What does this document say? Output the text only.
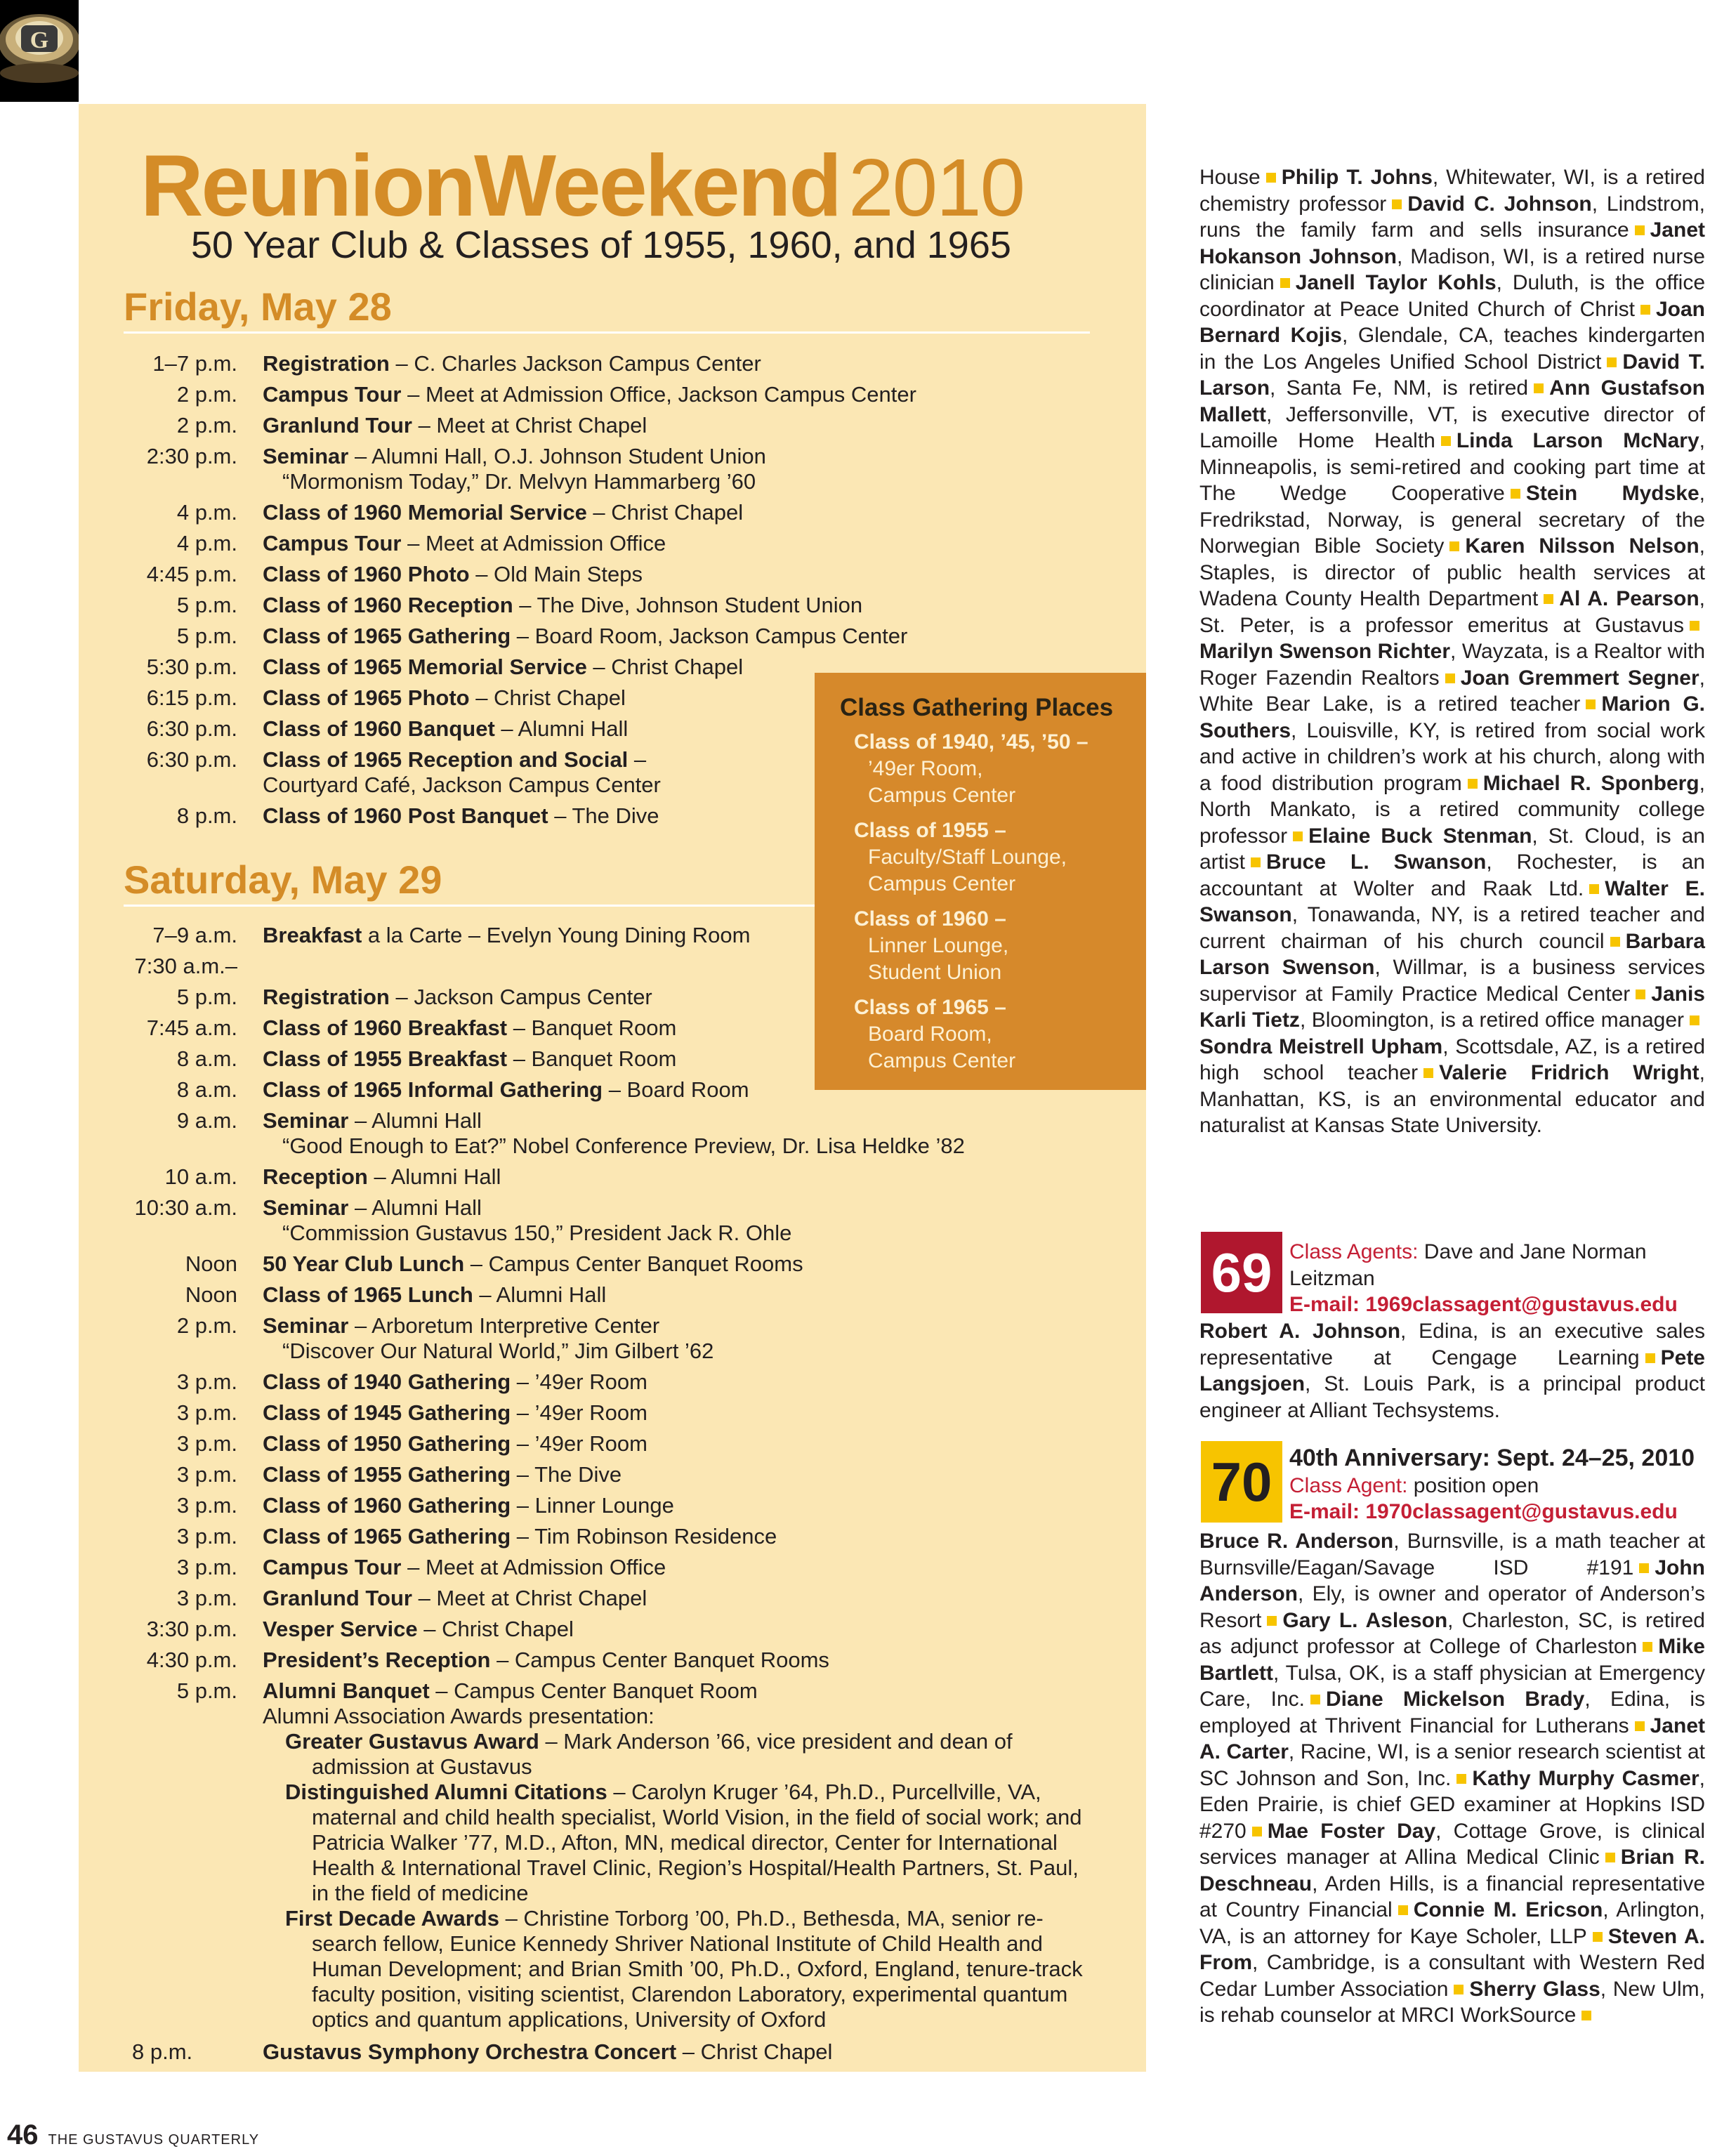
G
ReunionWeekend 2010
50 Year Club & Classes of 1955, 1960, and 1965
Friday, May 28
1–7 p.m. Registration – C. Charles Jackson Campus Center
2 p.m. Campus Tour – Meet at Admission Office, Jackson Campus Center
2 p.m. Granlund Tour – Meet at Christ Chapel
2:30 p.m. Seminar – Alumni Hall, O.J. Johnson Student Union
“Mormonism Today,” Dr. Melvyn Hammarberg ’60
4 p.m. Class of 1960 Memorial Service – Christ Chapel
4 p.m. Campus Tour – Meet at Admission Office
4:45 p.m. Class of 1960 Photo – Old Main Steps
5 p.m. Class of 1960 Reception – The Dive, Johnson Student Union
5 p.m. Class of 1965 Gathering – Board Room, Jackson Campus Center
5:30 p.m. Class of 1965 Memorial Service – Christ Chapel
6:15 p.m. Class of 1965 Photo – Christ Chapel
6:30 p.m. Class of 1960 Banquet – Alumni Hall
6:30 p.m. Class of 1965 Reception and Social –
Courtyard Café, Jackson Campus Center
8 p.m. Class of 1960 Post Banquet – The Dive
Saturday, May 29
7–9 a.m. Breakfast a la Carte – Evelyn Young Dining Room
7:30 a.m.–
5 p.m. Registration – Jackson Campus Center
7:45 a.m. Class of 1960 Breakfast – Banquet Room
8 a.m. Class of 1955 Breakfast – Banquet Room
8 a.m. Class of 1965 Informal Gathering – Board Room
9 a.m. Seminar – Alumni Hall
“Good Enough to Eat?” Nobel Conference Preview, Dr. Lisa Heldke ’82
10 a.m. Reception – Alumni Hall
10:30 a.m. Seminar – Alumni Hall
“Commission Gustavus 150,” President Jack R. Ohle
Noon 50 Year Club Lunch – Campus Center Banquet Rooms
Noon Class of 1965 Lunch – Alumni Hall
2 p.m. Seminar – Arboretum Interpretive Center
“Discover Our Natural World,” Jim Gilbert ’62
3 p.m. Class of 1940 Gathering – ’49er Room
3 p.m. Class of 1945 Gathering – ’49er Room
3 p.m. Class of 1950 Gathering – ’49er Room
3 p.m. Class of 1955 Gathering – The Dive
3 p.m. Class of 1960 Gathering – Linner Lounge
3 p.m. Class of 1965 Gathering – Tim Robinson Residence
3 p.m. Campus Tour – Meet at Admission Office
3 p.m. Granlund Tour – Meet at Christ Chapel
3:30 p.m. Vesper Service – Christ Chapel
4:30 p.m. President’s Reception – Campus Center Banquet Rooms
5 p.m. Alumni Banquet – Campus Center Banquet Room
Alumni Association Awards presentation:
Greater Gustavus Award – Mark Anderson ’66, vice president and dean of
admission at Gustavus
Distinguished Alumni Citations – Carolyn Kruger ’64, Ph.D., Purcellville, VA,
maternal and child health specialist, World Vision, in the field of social work; and Patricia Walker ’77, M.D., Afton, MN, medical director, Center for International Health & International Travel Clinic, Region’s Hospital/Health Partners, St. Paul, in the field of medicine
First Decade Awards – Christine Torborg ’00, Ph.D., Bethesda, MA, senior re-
search fellow, Eunice Kennedy Shriver National Institute of Child Health and Human Development; and Brian Smith ’00, Ph.D., Oxford, England, tenure-track faculty position, visiting scientist, Clarendon Laboratory, experimental quantum optics and quantum applications, University of Oxford
8 p.m.	Gustavus Symphony Orchestra Concert – Christ Chapel
Class Gathering Places
Class of 1940, ’45, ’50 –
’49er Room,
Campus Center
Class of 1955 –
Faculty/Staff Lounge,
Campus Center
Class of 1960 –
Linner Lounge,
Student Union
Class of 1965 –
Board Room,
Campus Center
House Philip T. Johns, Whitewater, WI, is a retired chemistry professor David C. Johnson, Lindstrom, runs the family farm and sells insurance Janet Hokanson Johnson, Madison, WI, is a retired nurse clinician Janell Taylor Kohls, Duluth, is the office coordinator at Peace United Church of Christ Joan Bernard Kojis, Glendale, CA, teaches kindergarten in the Los Angeles Unified School District David T. Larson, Santa Fe, NM, is retired Ann Gustafson Mallett, Jeffersonville, VT, is executive director of Lamoille Home Health Linda Larson McNary, Minneapolis, is semi-retired and cooking part time at The Wedge Cooperative Stein Mydske, Fredrikstad, Norway, is general secretary of the Norwegian Bible Society Karen Nilsson Nelson, Staples, is director of public health services at Wadena County Health Department Al A. Pearson, St. Peter, is a professor emeritus at GustavusMarilyn Swenson Richter, Wayzata, is a Realtor with Roger Fazendin Realtors Joan Gremmert Segner, White Bear Lake, is a retired teacher Marion G. Southers, Louisville, KY, is retired from social work and active in children’s work at his church, along with a food distribution program Michael R. Sponberg, North Mankato, is a retired community college professor Elaine Buck Stenman, St. Cloud, is an artist Bruce L. Swanson, Rochester, is an accountant at Wolter and Raak Ltd. Walter E. Swanson, Tonawanda, NY, is a retired teacher and current chairman of his church council Barbara Larson Swenson, Willmar, is a business services supervisor at Family Practice Medical Center Janis Karli Tietz, Bloomington, is a retired office managerSondra Meistrell Upham, Scottsdale, AZ, is a retired high school teacher Valerie Fridrich Wright, Manhattan, KS, is an environmental educator and naturalist at Kansas State University.
69 Class Agents: Dave and Jane Norman Leitzman
E-mail: 1969classagent@gustavus.edu
Robert A. Johnson, Edina, is an executive sales representative at Cengage Learning Pete Langsjoen, St. Louis Park, is a principal product engineer at Alliant Techsystems.
70 40th Anniversary: Sept. 24–25, 2010 Class Agent: position open
E-mail: 1970classagent@gustavus.edu
Bruce R. Anderson, Burnsville, is a math teacher at Burnsville/Eagan/Savage ISD #191 John Anderson, Ely, is owner and operator of Anderson’s Resort Gary L. Asleson, Charleston, SC, is retired as adjunct professor at College of Charleston Mike Bartlett, Tulsa, OK, is a staff physician at Emergency Care, Inc. Diane Mickelson Brady, Edina, is employed at Thrivent Financial for Lutherans Janet A. Carter, Racine, WI, is a senior research scientist at SC Johnson and Son, Inc. Kathy Murphy Casmer, Eden Prairie, is chief GED examiner at Hopkins ISD #270 Mae Foster Day, Cottage Grove, is clinical services manager at Allina Medical Clinic Brian R. Deschneau, Arden Hills, is a financial representative at Country Financial Connie M. Ericson, Arlington, VA, is an attorney for Kaye Scholer, LLP Steven A. From, Cambridge, is a consultant with Western Red Cedar Lumber Association Sherry Glass, New Ulm, is rehab counselor at MRCI WorkSource
46 THE GUSTAVUS QUARTERLY
